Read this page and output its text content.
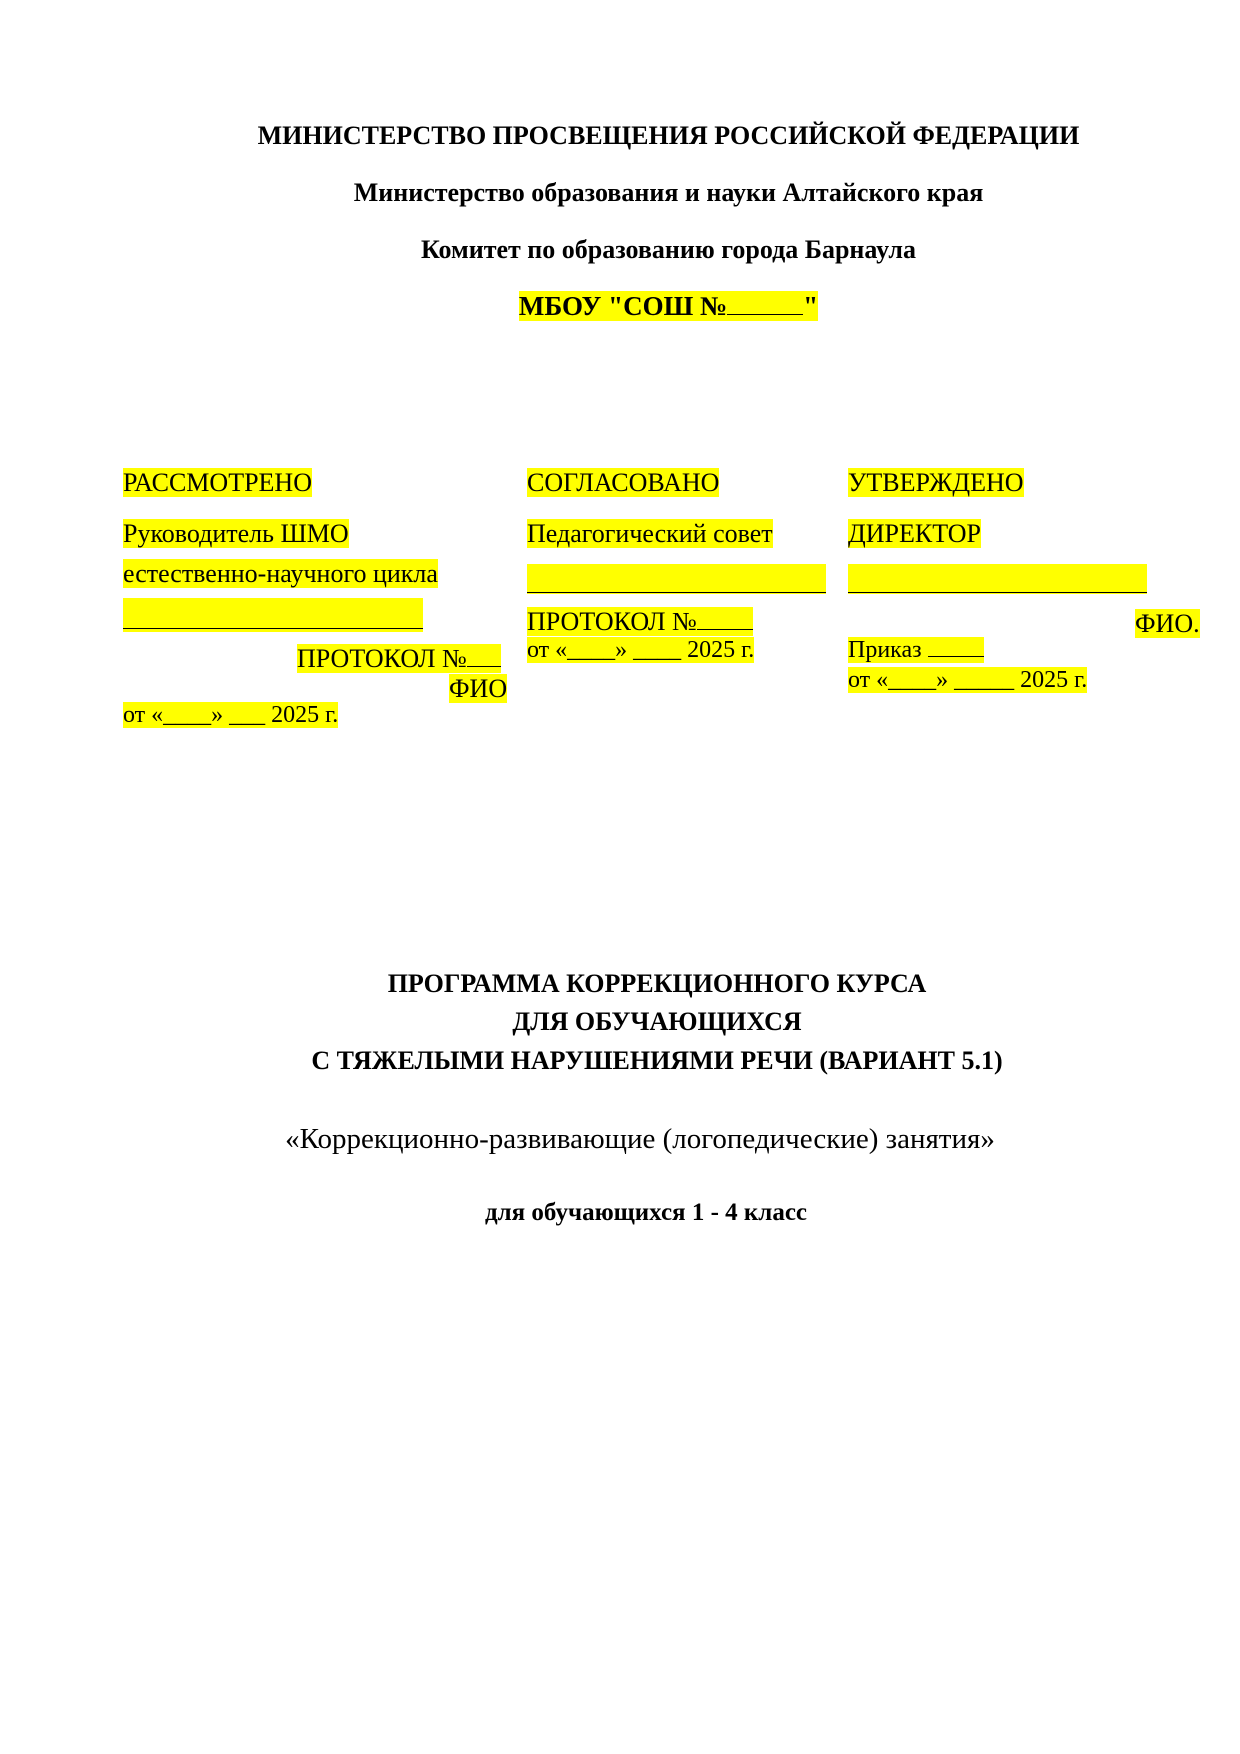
МИНИСТЕРСТВО ПРОСВЕЩЕНИЯ РОССИЙСКОЙ ФЕДЕРАЦИИ
Министерство образования и науки Алтайского края
Комитет по образованию города Барнаула
МБОУ "СОШ №	"
РАССМОТРЕНО
Руководитель ШМО
естественно-научного цикла
ПРОТОКОЛ №
ФИО
от «____» ___ 2025 г.
СОГЛАСОВАНО
Педагогический совет
ПРОТОКОЛ №
от «____» ____ 2025 г.
УТВЕРЖДЕНО
ДИРЕКТОР
ФИО.
Приказ
от «____» _____ 2025 г.
ПРОГРАММА КОРРЕКЦИОННОГО КУРСА
ДЛЯ ОБУЧАЮЩИХСЯ
С ТЯЖЕЛЫМИ НАРУШЕНИЯМИ РЕЧИ (ВАРИАНТ 5.1)
«Коррекционно-развивающие (логопедические) занятия»
для обучающихся 1 - 4 класс
